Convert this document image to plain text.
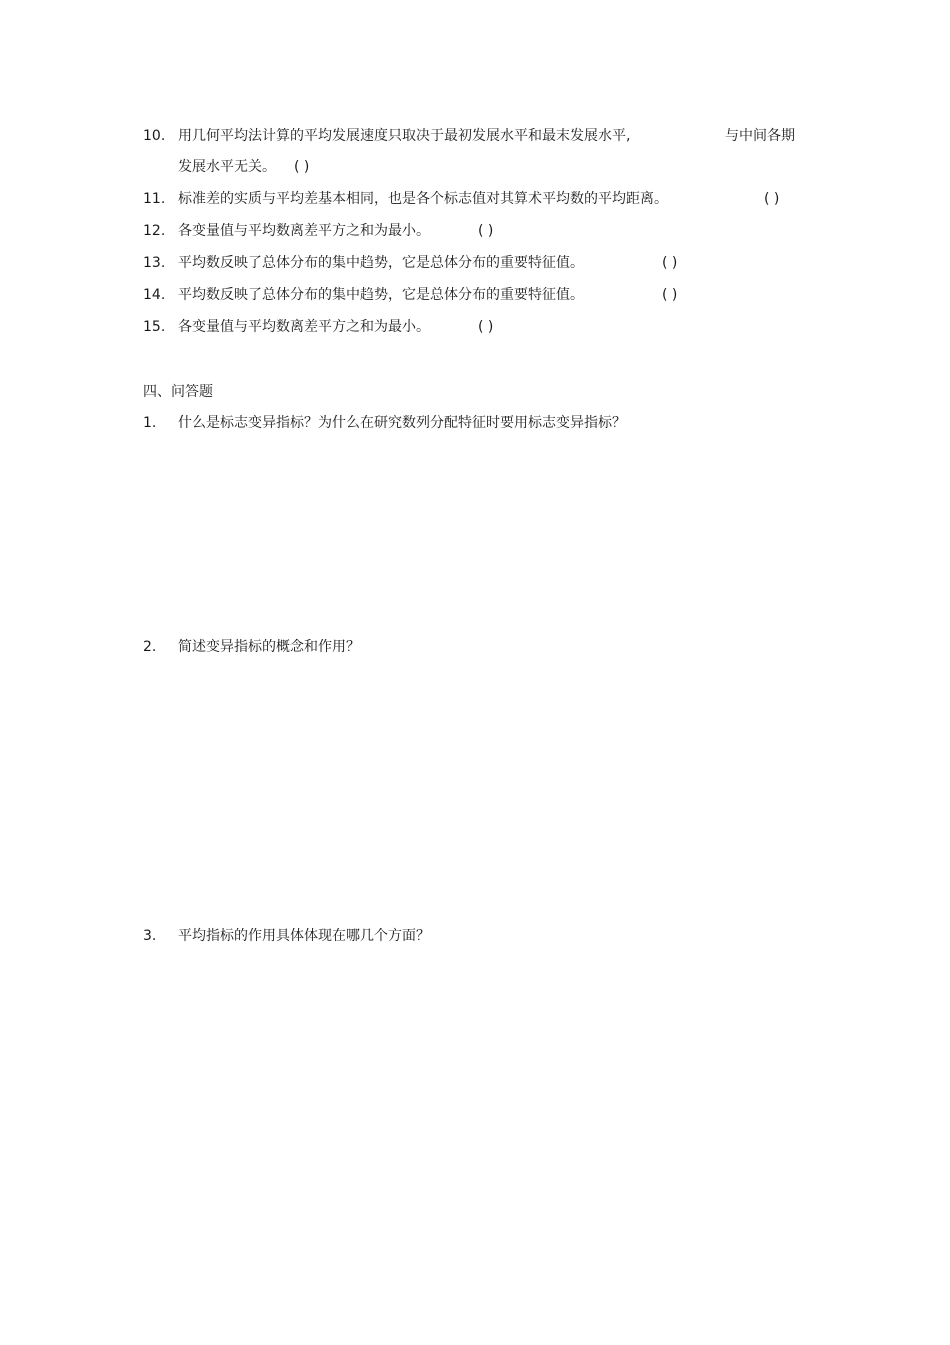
10. 用几何平均法计算的平均发展速度只取决于最初发展水平和最末发展水平,	与中间各期
发展水平无关。 ( )
11. 标准差的实质与平均差基本相同，也是各个标志值对其算术平均数的平均距离。	( )
12. 各变量值与平均数离差平方之和为最小。	( )
13. 平均数反映了总体分布的集中趋势，它是总体分布的重要特征值。	( )
14. 平均数反映了总体分布的集中趋势，它是总体分布的重要特征值。	( )
15. 各变量值与平均数离差平方之和为最小。	( )
四、问答题
1. 什么是标志变异指标？为什么在研究数列分配特征时要用标志变异指标？
2. 简述变异指标的概念和作用？
3. 平均指标的作用具体体现在哪几个方面？
